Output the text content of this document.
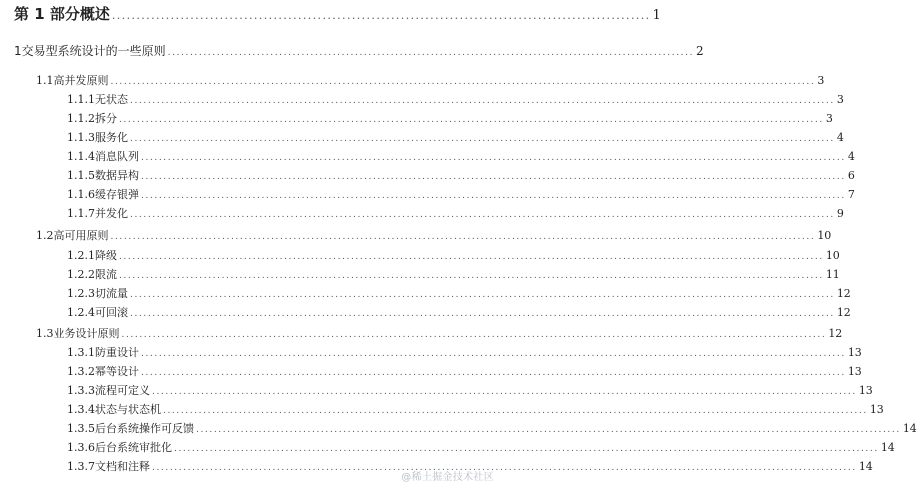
第 1 部分 概述 .............................................................................................................. 1
1 交易型系统设计的一些原则 ...................................................................................................................... 2
1.1 高并发原则 .............................................................................................................................................................. 3
1.1.1 无状态 .............................................................................................................................................................. 3
1.1.2 拆分 .............................................................................................................................................................. 3
1.1.3 服务化 .............................................................................................................................................................. 4
1.1.4 消息队列 .............................................................................................................................................................. 4
1.1.5 数据异构 .............................................................................................................................................................. 6
1.1.6 缓存银弹 .............................................................................................................................................................. 7
1.1.7 并发化 .............................................................................................................................................................. 9
1.2 高可用原则 .............................................................................................................................................................. 10
1.2.1 降级 .............................................................................................................................................................. 10
1.2.2 限流 .............................................................................................................................................................. 11
1.2.3 切流量 .............................................................................................................................................................. 12
1.2.4 可回滚 .............................................................................................................................................................. 12
1.3 业务设计原则 .............................................................................................................................................................. 12
1.3.1 防重设计 .............................................................................................................................................................. 13
1.3.2 幂等设计 .............................................................................................................................................................. 13
1.3.3 流程可定义 .............................................................................................................................................................. 13
1.3.4 状态与状态机 .............................................................................................................................................................. 13
1.3.5 后台系统操作可反馈 .............................................................................................................................................................. 14
1.3.6 后台系统审批化 .............................................................................................................................................................. 14
1.3.7 文档和注释 .............................................................................................................................................................. 14
@稀土掘金技术社区
